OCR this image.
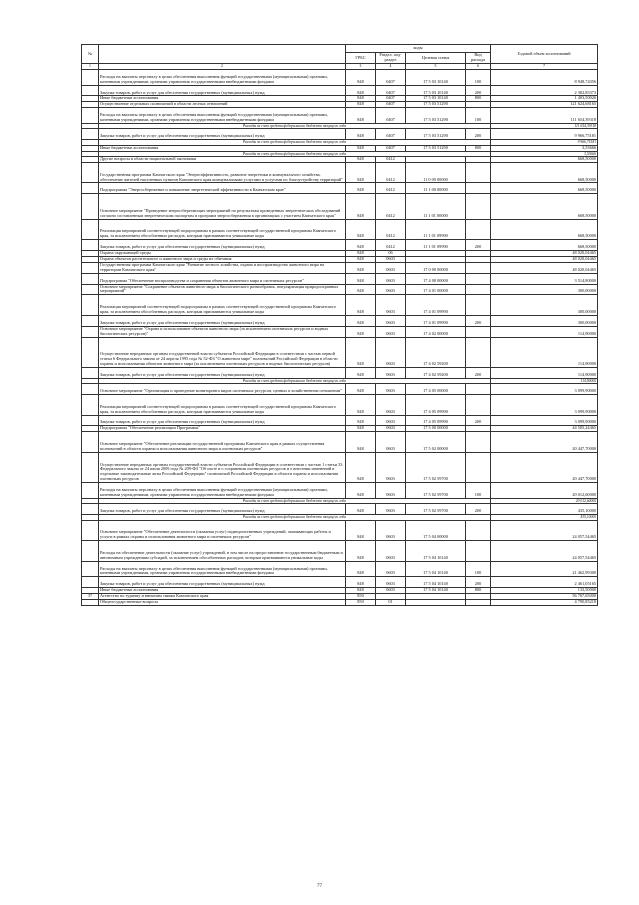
№		коды				Годовой объем ассигнований
		ГРБС	Раздел, под-раздел	Целевая статья	Вид расхода	
1	2	3	4	5	6	7
	Расходы на выплаты персоналу в целях обеспечения выполнения функций государственными (муниципальными) органами, казенными учреждениями, органами управления государственными внебюджетными фондами	848	0407	17 5 03 10140	100	8 948,74356
	Закупка товаров, работ и услуг для обеспечения государственных (муниципальных) нужд	848	0407	17 5 03 10140	200	2 382,85373
	Иные бюджетные ассигнования	848	0407	17 5 03 10140	800	1 403,50026
	Осуществление отдельных полномочий в области лесных отношений	848	0407	17 5 03 51290		121 624,68165
	Расходы на выплаты персоналу в целях обеспечения выполнения функций государственными (муниципальными) органами, казенными учреждениями, органами управления государственными внебюджетными фондами	848	0407	17 5 03 51290	100	111 654,39318
	Расходы за счет средств федерального бюджета текущего года					111 654,39318
	Закупка товаров, работ и услуг для обеспечения государственных (муниципальных) нужд	848	0407	17 5 03 51290	200	9 966,75181
	Расходы за счет средств федерального бюджета текущего года					9 966,75181
	Иные бюджетные ассигнования	848	0407	17 5 03 51290	800	3,53666
	Расходы за счет средств федерального бюджета текущего года					3,53666
	Другие вопросы в области национальной экономики	848	0412			668,50000
	Государственная программа Камчатского края "Энергоэффективность, развитие энергетики и коммунального хозяйства, обеспечение жителей населенных пунктов Камчатского края коммунальными услугами и услугами по благоустройству территорий"	848	0412	11 0 00 00000		668,50000
	Подпрограмма "Энергосбережение и повышение энергетической эффективности в Камчатском крае"	848	0412	11 1 00 00000		668,50000
	Основное мероприятие "Проведение энергосберегающих мероприятий по результатам проведенных энергетических обследований согласно составленным энергетическим паспортам и программ энергосбережения в организациях с участием Камчатского края"	848	0412	11 1 01 00000		668,50000
	Реализация мероприятий соответствующей подпрограммы в рамках соответствующей государственной программы Камчатского края, за исключением обособленных расходов, которым присваиваются уникальные коды	848	0412	11 1 01 09990		668,50000
	Закупка товаров, работ и услуг для обеспечения государственных (муниципальных) нужд	848	0412	11 1 01 09990	200	668,50000
	Охрана окружающей среды	848	06			48 020,04465
	Охрана объектов растительного и животного мира и среды их обитания	848	0603			48 020,04465
	Государственная программа Камчатского края "Развитие лесного хозяйства, охрана и воспроизводство животного мира на территории Камчатского края"	848	0603	17 0 00 00000		48 020,04465
	Подпрограмма "Обеспечение воспроизводства и сохранения объектов животного мира и охотничьих ресурсов"	848	0603	17 4 00 00000		3 514,80000
	Основное мероприятие "Сохранение объектов животного мира и биологического разнообразия, популяризация природоохранных мероприятий"	848	0603	17 4 01 00000		300,00000
	Реализация мероприятий соответствующей подпрограммы в рамках соответствующей государственной программы Камчатского края, за исключением обособленных расходов, которым присваиваются уникальные коды	848	0603	17 4 01 09990		300,00000
	Закупка товаров, работ и услуг для обеспечения государственных (муниципальных) нужд	848	0603	17 4 01 09990	200	300,00000
	Основное мероприятие "Охрана и использование объектов животного мира (за исключением охотничьих ресурсов и водных биологических ресурсов)"	848	0603	17 4 02 00000		114,90000
	Осуществление переданных органам государственной власти субъектов Российской Федерации в соответствии с частью первой статьи 6 Федерального закона от 24 апреля 1995 года № 52-ФЗ "О животном мире" полномочий Российской Федерации в области охраны и использования объектов животного мира (за исключением охотничьих ресурсов и водных биологических ресурсов)	848	0603	17 4 02 59200		114,90000
	Закупка товаров, работ и услуг для обеспечения государственных (муниципальных) нужд	848	0603	17 4 02 59200	200	114,90000
	Расходы за счет средств федерального бюджета текущего года					114,90000
	Основное мероприятие "Организация и проведение мониторинга видов охотничьих ресурсов, ценных в хозяйственном отношении"	848	0603	17 4 05 00000		3 099,90000
	Реализация мероприятий соответствующей подпрограммы в рамках соответствующей государственной программы Камчатского края, за исключением обособленных расходов, которым присваиваются уникальные коды	848	0603	17 4 05 09990		3 099,90000
	Закупка товаров, работ и услуг для обеспечения государственных (муниципальных) нужд	848	0603	17 4 05 09990	200	3 099,90000
	Подпрограмма "Обеспечение реализации Программы"	848	0603	17 5 00 00000		44 505,24465
	Основное мероприятие "Обеспечение реализации государственной программы Камчатского края в рамках осуществления полномочий в области охраны и использования животного мира и охотничьих ресурсов"	848	0603	17 5 02 00000		20 447,70000
	Осуществление переданных органам государственной власти субъектов Российской Федерации в соответствии с частью 1 статьи 33 Федерального закона от 24 июля 2009 года № 209-ФЗ "Об охоте и о сохранении охотничьих ресурсов и о внесении изменений в отдельные законодательные акты Российской Федерации" полномочий Российской Федерации в области охраны и использования охотничьих ресурсов	848	0603	17 5 02 59700		20 447,70000
	Расходы на выплаты персоналу в целях обеспечения выполнения функций государственными (муниципальными) органами, казенными учреждениями, органами управления государственными внебюджетными фондами	848	0603	17 5 02 59700	100	20 012,60000
	Расходы за счет средств федерального бюджета текущего года					20 012,60000
	Закупка товаров, работ и услуг для обеспечения государственных (муниципальных) нужд	848	0603	17 5 02 59700	200	435,10000
	Расходы за счет средств федерального бюджета текущего года					435,10000
	Основное мероприятие "Обеспечение деятельности (оказания услуг) подведомственных учреждений, оказывающих работы и услуги в рамках охраны и использования животного мира и охотничьих ресурсов"	848	0603	17 5 04 00000		24 057,54465
	Расходы на обеспечение деятельности (оказание услуг) учреждений, в том числе на предоставление государственным бюджетным и автономным учреждениям субсидий, за исключением обособленных расходов, которым присваиваются уникальные коды	848	0603	17 5 04 10140		24 057,54465
	Расходы на выплаты персоналу в целях обеспечения выполнения функций государственными (муниципальными) органами, казенными учреждениями, органами управления государственными внебюджетными фондами	848	0603	17 5 04 10140	100	21 462,99300
	Закупка товаров, работ и услуг для обеспечения государственных (муниципальных) нужд	848	0603	17 5 04 10140	200	2 461,05165
	Иные бюджетные ассигнования	848	0603	17 5 04 10140	800	133,50000
37	Агентство по туризму и внешним связям Камчатского края	850				56 767,65000
	Общегосударственные вопросы	850	01			4 790,85218
77
